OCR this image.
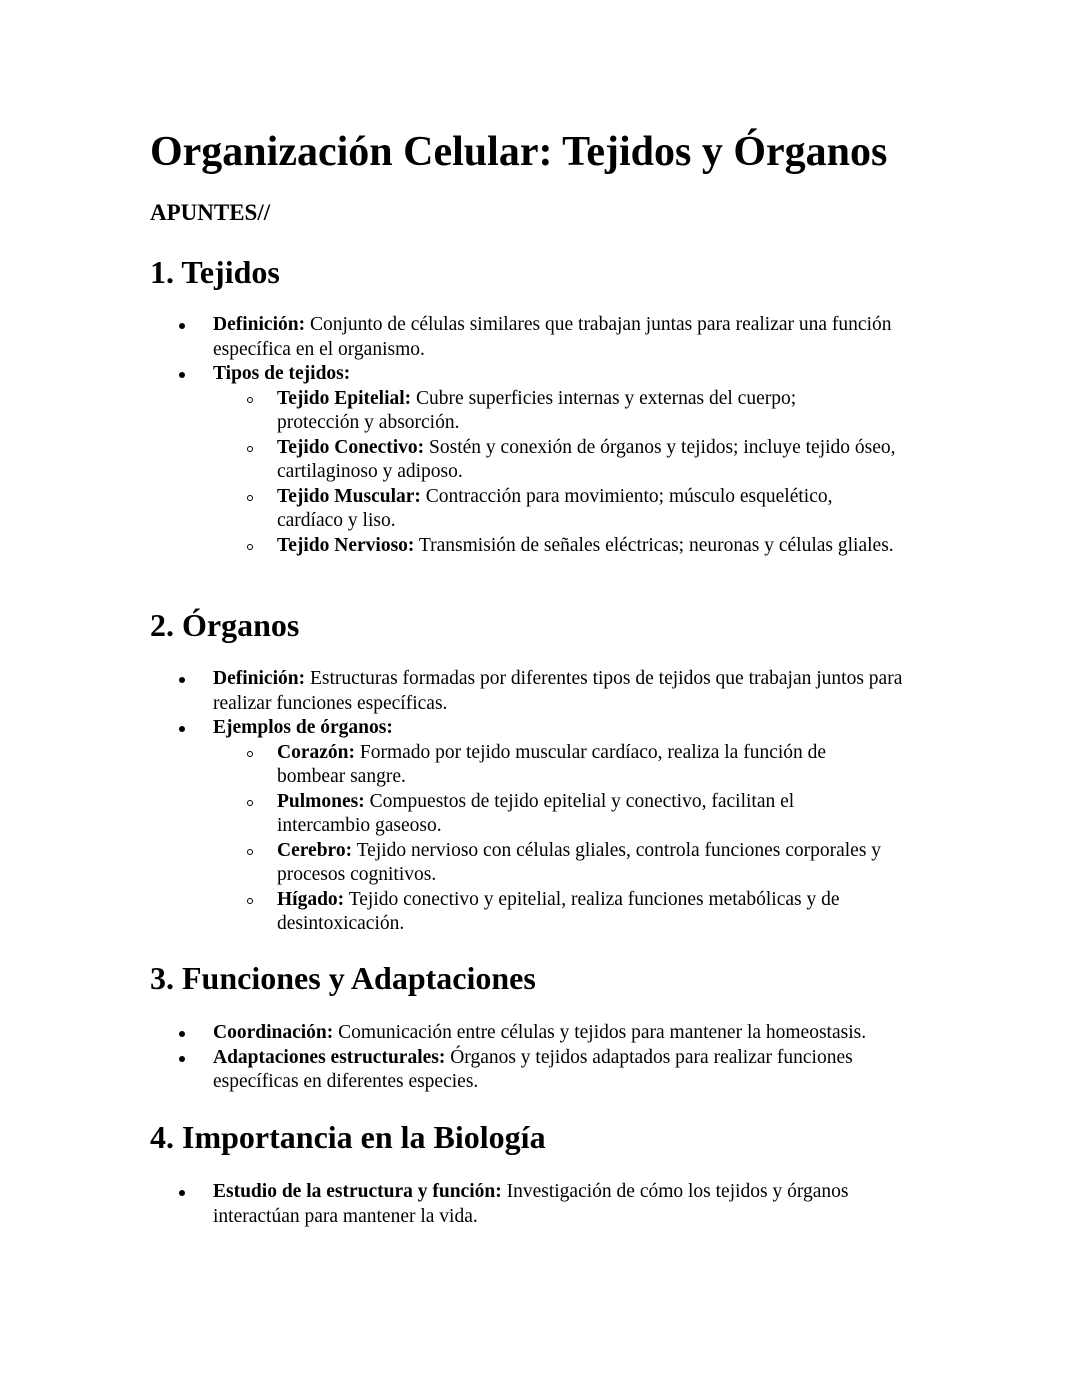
Organización Celular: Tejidos y Órganos

APUNTES//

1. Tejidos
Definición: Conjunto de células similares que trabajan juntas para realizar una función específica en el organismo.
Tipos de tejidos:
Tejido Epitelial: Cubre superficies internas y externas del cuerpo; protección y absorción.
Tejido Conectivo: Sostén y conexión de órganos y tejidos; incluye tejido óseo, cartilaginoso y adiposo.
Tejido Muscular: Contracción para movimiento; músculo esquelético, cardíaco y liso.
Tejido Nervioso: Transmisión de señales eléctricas; neuronas y células gliales.
2. Órganos
Definición: Estructuras formadas por diferentes tipos de tejidos que trabajan juntos para realizar funciones específicas.
Ejemplos de órganos:
Corazón: Formado por tejido muscular cardíaco, realiza la función de bombear sangre.
Pulmones: Compuestos de tejido epitelial y conectivo, facilitan el intercambio gaseoso.
Cerebro: Tejido nervioso con células gliales, controla funciones corporales y procesos cognitivos.
Hígado: Tejido conectivo y epitelial, realiza funciones metabólicas y de desintoxicación.
3. Funciones y Adaptaciones
Coordinación: Comunicación entre células y tejidos para mantener la homeostasis.
Adaptaciones estructurales: Órganos y tejidos adaptados para realizar funciones específicas en diferentes especies.
4. Importancia en la Biología
Estudio de la estructura y función: Investigación de cómo los tejidos y órganos interactúan para mantener la vida.
